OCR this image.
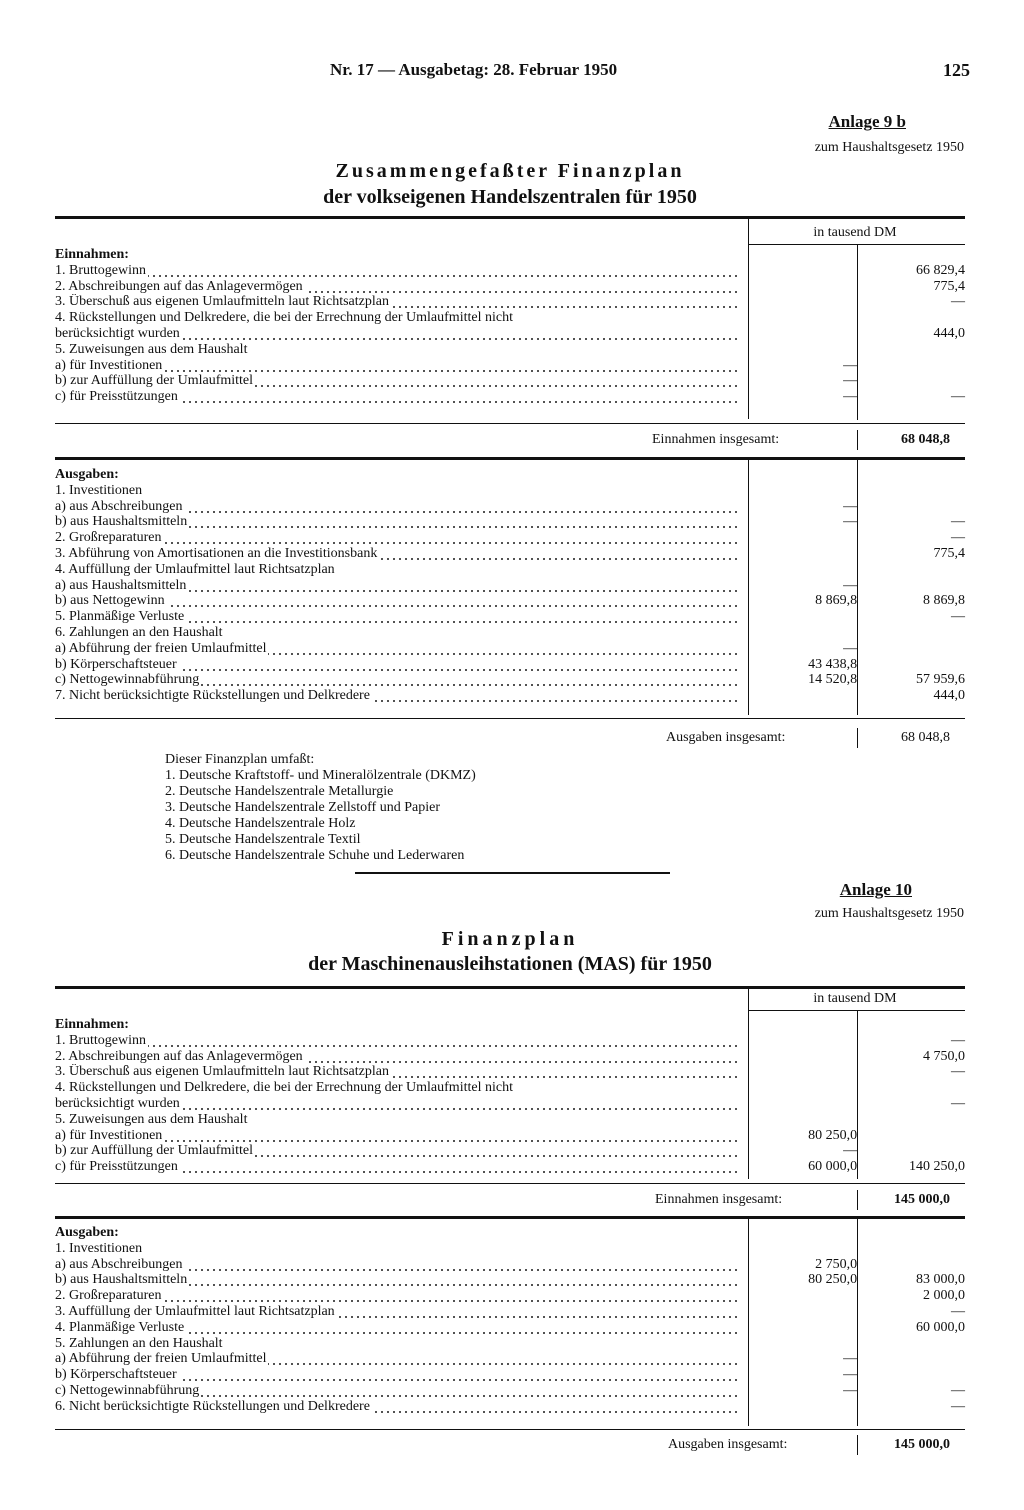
Nr. 17 — Ausgabetag: 28. Februar 1950	125
Anlage 9 b
zum Haushaltsgesetz 1950
Zusammengefaßter Finanzplan
der volkseigenen Handelszentralen für 1950
in tausend DM
Einnahmen:			
1. Bruttogewinn			66 829,4
2. Abschreibungen auf das Anlagevermögen			775,4
3. Überschuß aus eigenen Umlaufmitteln laut Richtsatzplan			—
4. Rückstellungen und Delkredere, die bei der Errechnung der Umlaufmittel nicht			
berücksichtigt wurden			444,0
5. Zuweisungen aus dem Haushalt			
a) für Investitionen		—	
b) zur Auffüllung der Umlaufmittel		—	
c) für Preisstützungen		—	—
Einnahmen insgesamt:	68 048,8
Ausgaben:			
1. Investitionen			
a) aus Abschreibungen		—	
b) aus Haushaltsmitteln		—	—
2. Großreparaturen			—
3. Abführung von Amortisationen an die Investitionsbank			775,4
4. Auffüllung der Umlaufmittel laut Richtsatzplan			
a) aus Haushaltsmitteln		—	
b) aus Nettogewinn		8 869,8	8 869,8
5. Planmäßige Verluste			—
6. Zahlungen an den Haushalt			
a) Abführung der freien Umlaufmittel		—	
b) Körperschaftsteuer		43 438,8	
c) Nettogewinnabführung		14 520,8	57 959,6
7. Nicht berücksichtigte Rückstellungen und Delkredere			444,0
Ausgaben insgesamt:	68 048,8
Dieser Finanzplan umfaßt:
1. Deutsche Kraftstoff- und Mineralölzentrale (DKMZ)
2. Deutsche Handelszentrale Metallurgie
3. Deutsche Handelszentrale Zellstoff und Papier
4. Deutsche Handelszentrale Holz
5. Deutsche Handelszentrale Textil
6. Deutsche Handelszentrale Schuhe und Lederwaren
Anlage 10
zum Haushaltsgesetz 1950
Finanzplan
der Maschinenausleihstationen (MAS) für 1950
in tausend DM
Einnahmen:			
1. Bruttogewinn			—
2. Abschreibungen auf das Anlagevermögen			4 750,0
3. Überschuß aus eigenen Umlaufmitteln laut Richtsatzplan			—
4. Rückstellungen und Delkredere, die bei der Errechnung der Umlaufmittel nicht			
berücksichtigt wurden			—
5. Zuweisungen aus dem Haushalt			
a) für Investitionen		80 250,0	
b) zur Auffüllung der Umlaufmittel		—	
c) für Preisstützungen		60 000,0	140 250,0
Einnahmen insgesamt:	145 000,0
Ausgaben:			
1. Investitionen			
a) aus Abschreibungen		2 750,0	
b) aus Haushaltsmitteln		80 250,0	83 000,0
2. Großreparaturen			2 000,0
3. Auffüllung der Umlaufmittel laut Richtsatzplan			—
4. Planmäßige Verluste			60 000,0
5. Zahlungen an den Haushalt			
a) Abführung der freien Umlaufmittel		—	
b) Körperschaftsteuer		—	
c) Nettogewinnabführung		—	—
6. Nicht berücksichtigte Rückstellungen und Delkredere			—
Ausgaben insgesamt:	145 000,0
